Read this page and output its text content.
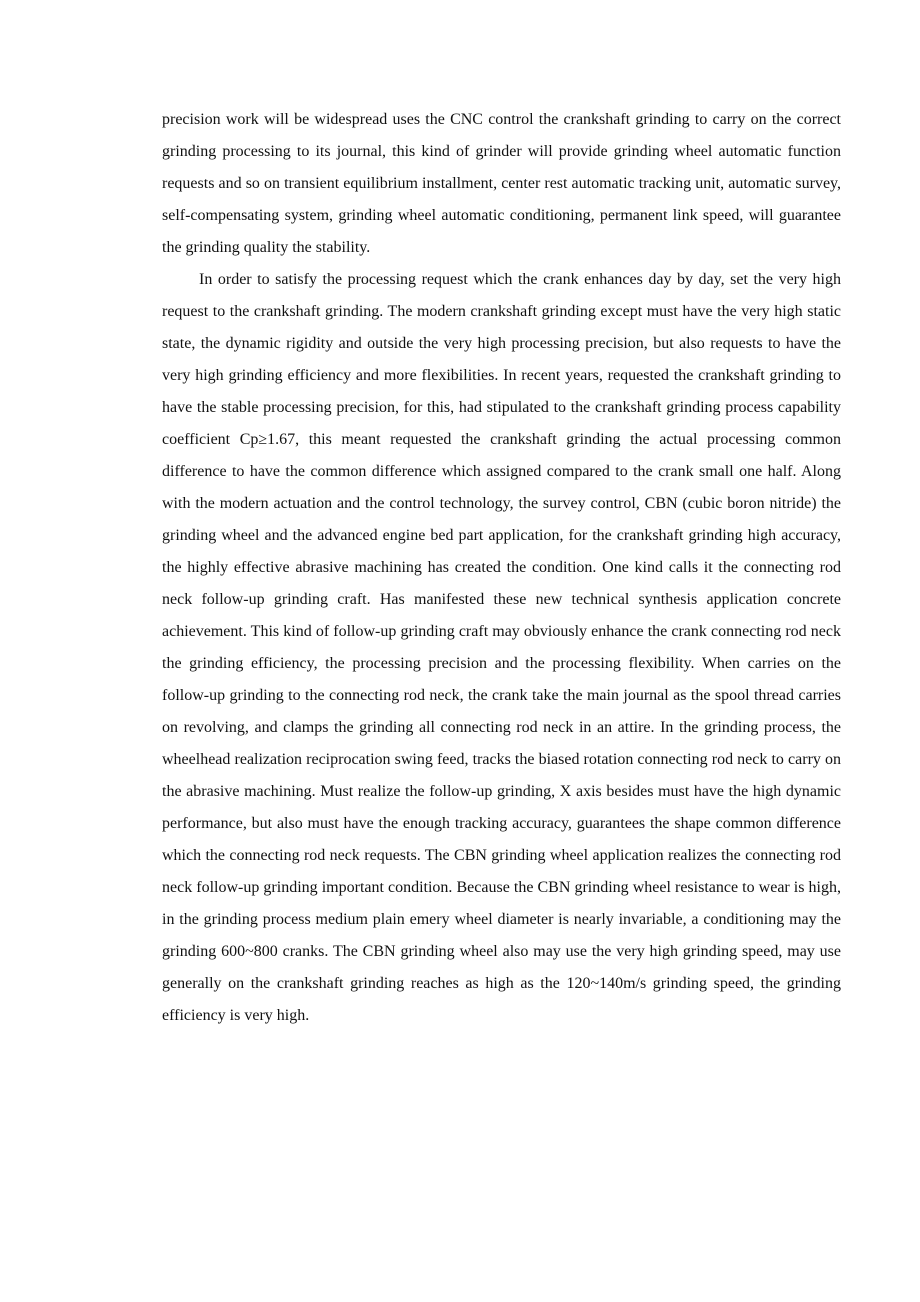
precision work will be widespread uses the CNC control the crankshaft grinding to carry on the correct grinding processing to its journal, this kind of grinder will provide grinding wheel automatic function requests and so on transient equilibrium installment, center rest automatic tracking unit, automatic survey, self-compensating system, grinding wheel automatic conditioning, permanent link speed, will guarantee the grinding quality the stability.

In order to satisfy the processing request which the crank enhances day by day, set the very high request to the crankshaft grinding. The modern crankshaft grinding except must have the very high static state, the dynamic rigidity and outside the very high processing precision, but also requests to have the very high grinding efficiency and more flexibilities. In recent years, requested the crankshaft grinding to have the stable processing precision, for this, had stipulated to the crankshaft grinding process capability coefficient Cp≥1.67, this meant requested the crankshaft grinding the actual processing common difference to have the common difference which assigned compared to the crank small one half. Along with the modern actuation and the control technology, the survey control, CBN (cubic boron nitride) the grinding wheel and the advanced engine bed part application, for the crankshaft grinding high accuracy, the highly effective abrasive machining has created the condition. One kind calls it the connecting rod neck follow-up grinding craft. Has manifested these new technical synthesis application concrete achievement. This kind of follow-up grinding craft may obviously enhance the crank connecting rod neck the grinding efficiency, the processing precision and the processing flexibility. When carries on the follow-up grinding to the connecting rod neck, the crank take the main journal as the spool thread carries on revolving, and clamps the grinding all connecting rod neck in an attire. In the grinding process, the wheelhead realization reciprocation swing feed, tracks the biased rotation connecting rod neck to carry on the abrasive machining. Must realize the follow-up grinding, X axis besides must have the high dynamic performance, but also must have the enough tracking accuracy, guarantees the shape common difference which the connecting rod neck requests. The CBN grinding wheel application realizes the connecting rod neck follow-up grinding important condition. Because the CBN grinding wheel resistance to wear is high, in the grinding process medium plain emery wheel diameter is nearly invariable, a conditioning may the grinding 600~800 cranks. The CBN grinding wheel also may use the very high grinding speed, may use generally on the crankshaft grinding reaches as high as the 120~140m/s grinding speed, the grinding efficiency is very high.
